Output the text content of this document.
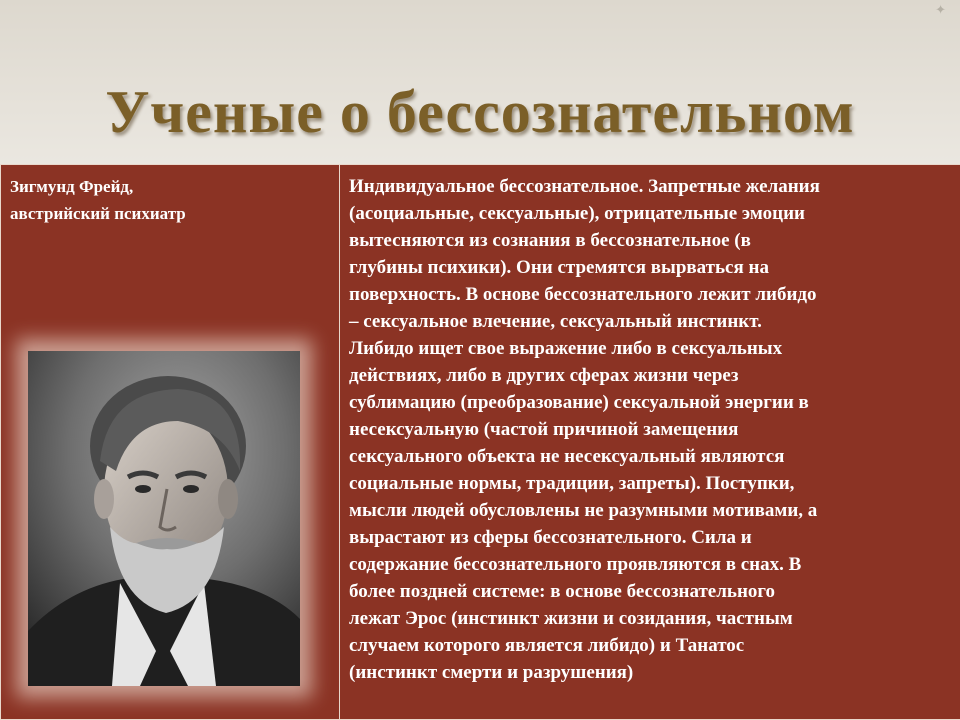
✦
Ученые о бессознательном
Зигмунд Фрейд,
австрийский психиатр

Индивидуальное бессознательное. Запретные желания
(асоциальные, сексуальные), отрицательные эмоции
вытесняются из сознания в бессознательное (в
глубины психики). Они стремятся вырваться на
поверхность. В основе бессознательного лежит либидо
– сексуальное влечение, сексуальный инстинкт.
Либидо ищет свое выражение либо в сексуальных
действиях, либо в других сферах жизни через
сублимацию (преобразование) сексуальной энергии в
несексуальную (частой причиной замещения
сексуального объекта не несексуальный являются
социальные нормы, традиции, запреты). Поступки,
мысли людей обусловлены не разумными мотивами, а
вырастают из сферы бессознательного. Сила и
содержание бессознательного проявляются в снах. В
более поздней системе: в основе бессознательного
лежат Эрос (инстинкт жизни и созидания, частным
случаем которого является либидо) и Танатос
(инстинкт смерти и разрушения)
